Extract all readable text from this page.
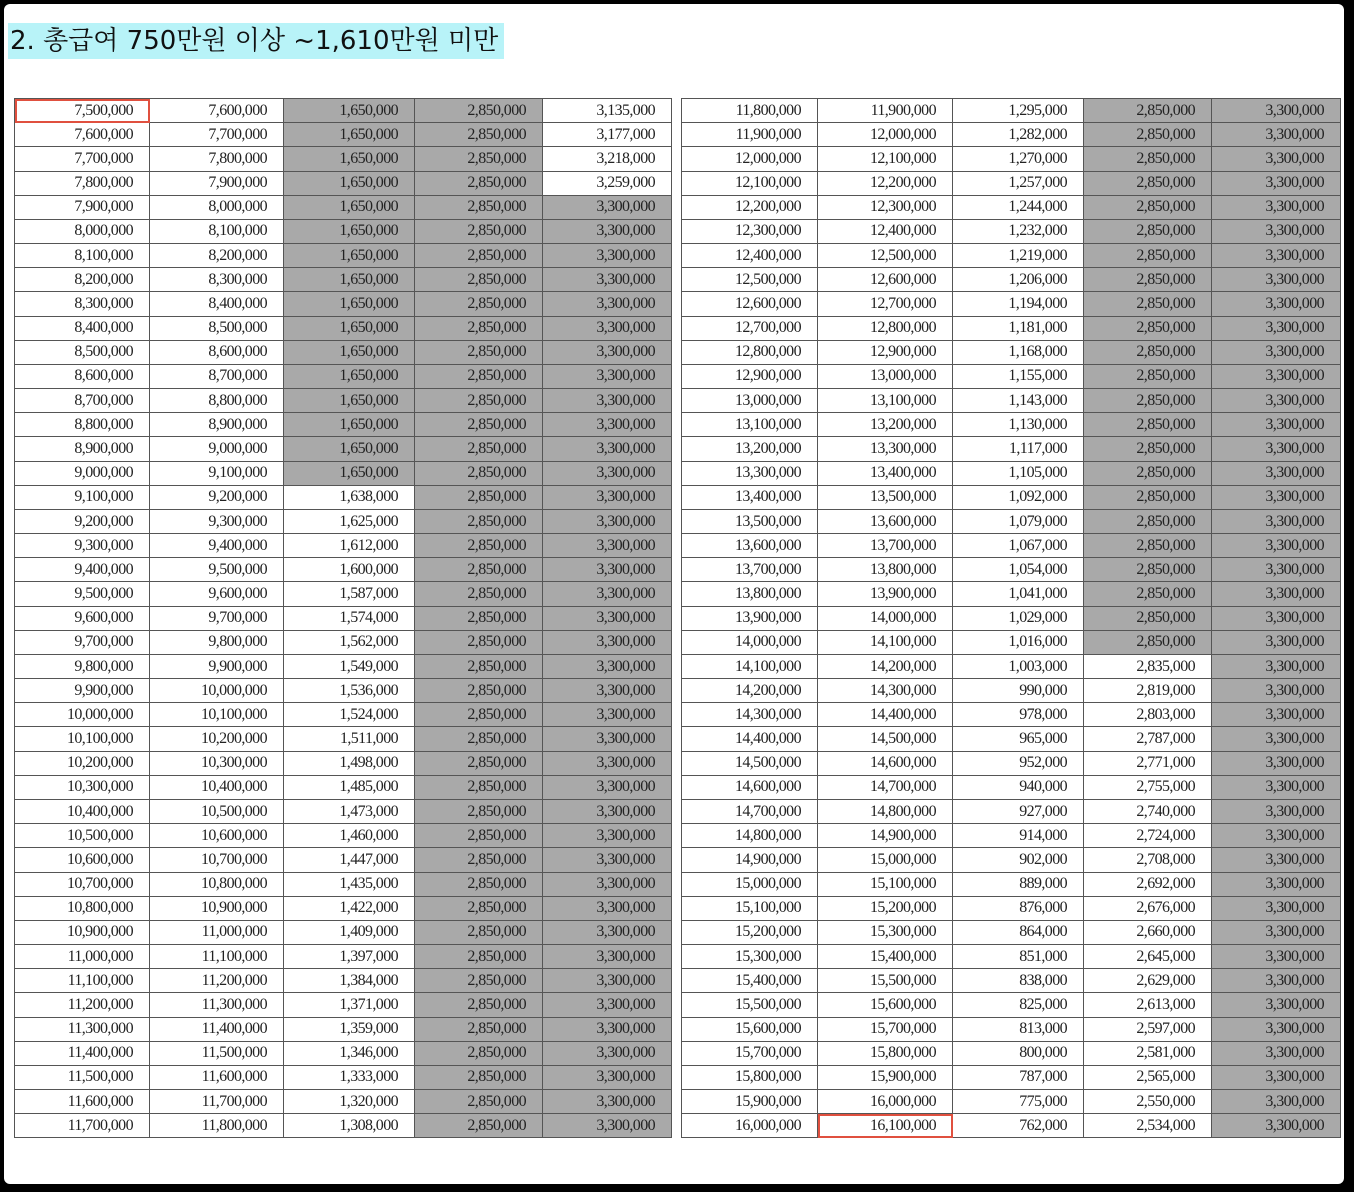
2. 총급여 750만원 이상 ~1,610만원 미만
7,500,000	7,600,000	1,650,000	2,850,000	3,135,000
7,600,000	7,700,000	1,650,000	2,850,000	3,177,000
7,700,000	7,800,000	1,650,000	2,850,000	3,218,000
7,800,000	7,900,000	1,650,000	2,850,000	3,259,000
7,900,000	8,000,000	1,650,000	2,850,000	3,300,000
8,000,000	8,100,000	1,650,000	2,850,000	3,300,000
8,100,000	8,200,000	1,650,000	2,850,000	3,300,000
8,200,000	8,300,000	1,650,000	2,850,000	3,300,000
8,300,000	8,400,000	1,650,000	2,850,000	3,300,000
8,400,000	8,500,000	1,650,000	2,850,000	3,300,000
8,500,000	8,600,000	1,650,000	2,850,000	3,300,000
8,600,000	8,700,000	1,650,000	2,850,000	3,300,000
8,700,000	8,800,000	1,650,000	2,850,000	3,300,000
8,800,000	8,900,000	1,650,000	2,850,000	3,300,000
8,900,000	9,000,000	1,650,000	2,850,000	3,300,000
9,000,000	9,100,000	1,650,000	2,850,000	3,300,000
9,100,000	9,200,000	1,638,000	2,850,000	3,300,000
9,200,000	9,300,000	1,625,000	2,850,000	3,300,000
9,300,000	9,400,000	1,612,000	2,850,000	3,300,000
9,400,000	9,500,000	1,600,000	2,850,000	3,300,000
9,500,000	9,600,000	1,587,000	2,850,000	3,300,000
9,600,000	9,700,000	1,574,000	2,850,000	3,300,000
9,700,000	9,800,000	1,562,000	2,850,000	3,300,000
9,800,000	9,900,000	1,549,000	2,850,000	3,300,000
9,900,000	10,000,000	1,536,000	2,850,000	3,300,000
10,000,000	10,100,000	1,524,000	2,850,000	3,300,000
10,100,000	10,200,000	1,511,000	2,850,000	3,300,000
10,200,000	10,300,000	1,498,000	2,850,000	3,300,000
10,300,000	10,400,000	1,485,000	2,850,000	3,300,000
10,400,000	10,500,000	1,473,000	2,850,000	3,300,000
10,500,000	10,600,000	1,460,000	2,850,000	3,300,000
10,600,000	10,700,000	1,447,000	2,850,000	3,300,000
10,700,000	10,800,000	1,435,000	2,850,000	3,300,000
10,800,000	10,900,000	1,422,000	2,850,000	3,300,000
10,900,000	11,000,000	1,409,000	2,850,000	3,300,000
11,000,000	11,100,000	1,397,000	2,850,000	3,300,000
11,100,000	11,200,000	1,384,000	2,850,000	3,300,000
11,200,000	11,300,000	1,371,000	2,850,000	3,300,000
11,300,000	11,400,000	1,359,000	2,850,000	3,300,000
11,400,000	11,500,000	1,346,000	2,850,000	3,300,000
11,500,000	11,600,000	1,333,000	2,850,000	3,300,000
11,600,000	11,700,000	1,320,000	2,850,000	3,300,000
11,700,000	11,800,000	1,308,000	2,850,000	3,300,000
11,800,000	11,900,000	1,295,000	2,850,000	3,300,000
11,900,000	12,000,000	1,282,000	2,850,000	3,300,000
12,000,000	12,100,000	1,270,000	2,850,000	3,300,000
12,100,000	12,200,000	1,257,000	2,850,000	3,300,000
12,200,000	12,300,000	1,244,000	2,850,000	3,300,000
12,300,000	12,400,000	1,232,000	2,850,000	3,300,000
12,400,000	12,500,000	1,219,000	2,850,000	3,300,000
12,500,000	12,600,000	1,206,000	2,850,000	3,300,000
12,600,000	12,700,000	1,194,000	2,850,000	3,300,000
12,700,000	12,800,000	1,181,000	2,850,000	3,300,000
12,800,000	12,900,000	1,168,000	2,850,000	3,300,000
12,900,000	13,000,000	1,155,000	2,850,000	3,300,000
13,000,000	13,100,000	1,143,000	2,850,000	3,300,000
13,100,000	13,200,000	1,130,000	2,850,000	3,300,000
13,200,000	13,300,000	1,117,000	2,850,000	3,300,000
13,300,000	13,400,000	1,105,000	2,850,000	3,300,000
13,400,000	13,500,000	1,092,000	2,850,000	3,300,000
13,500,000	13,600,000	1,079,000	2,850,000	3,300,000
13,600,000	13,700,000	1,067,000	2,850,000	3,300,000
13,700,000	13,800,000	1,054,000	2,850,000	3,300,000
13,800,000	13,900,000	1,041,000	2,850,000	3,300,000
13,900,000	14,000,000	1,029,000	2,850,000	3,300,000
14,000,000	14,100,000	1,016,000	2,850,000	3,300,000
14,100,000	14,200,000	1,003,000	2,835,000	3,300,000
14,200,000	14,300,000	990,000	2,819,000	3,300,000
14,300,000	14,400,000	978,000	2,803,000	3,300,000
14,400,000	14,500,000	965,000	2,787,000	3,300,000
14,500,000	14,600,000	952,000	2,771,000	3,300,000
14,600,000	14,700,000	940,000	2,755,000	3,300,000
14,700,000	14,800,000	927,000	2,740,000	3,300,000
14,800,000	14,900,000	914,000	2,724,000	3,300,000
14,900,000	15,000,000	902,000	2,708,000	3,300,000
15,000,000	15,100,000	889,000	2,692,000	3,300,000
15,100,000	15,200,000	876,000	2,676,000	3,300,000
15,200,000	15,300,000	864,000	2,660,000	3,300,000
15,300,000	15,400,000	851,000	2,645,000	3,300,000
15,400,000	15,500,000	838,000	2,629,000	3,300,000
15,500,000	15,600,000	825,000	2,613,000	3,300,000
15,600,000	15,700,000	813,000	2,597,000	3,300,000
15,700,000	15,800,000	800,000	2,581,000	3,300,000
15,800,000	15,900,000	787,000	2,565,000	3,300,000
15,900,000	16,000,000	775,000	2,550,000	3,300,000
16,000,000	16,100,000	762,000	2,534,000	3,300,000
